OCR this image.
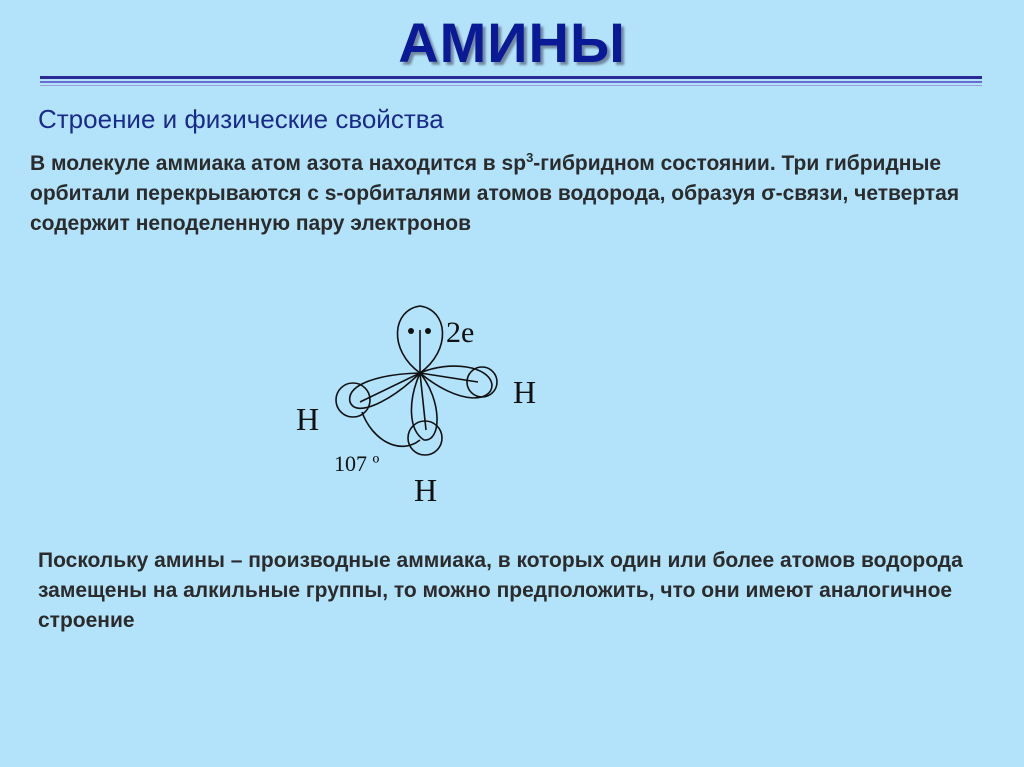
АМИНЫ
Строение и физические свойства
В молекуле аммиака атом азота находится в $sp^3$-гибридном состоянии. Три гибридные орбитали перекрываются с s-орбиталями атомов водорода, образуя σ-связи, четвертая содержит неподеленную пару электронов
2e
H
H
107 º
H
Поскольку амины – производные аммиака, в которых один или более атомов водорода замещены на алкильные группы, то можно предположить, что они имеют аналогичное строение
